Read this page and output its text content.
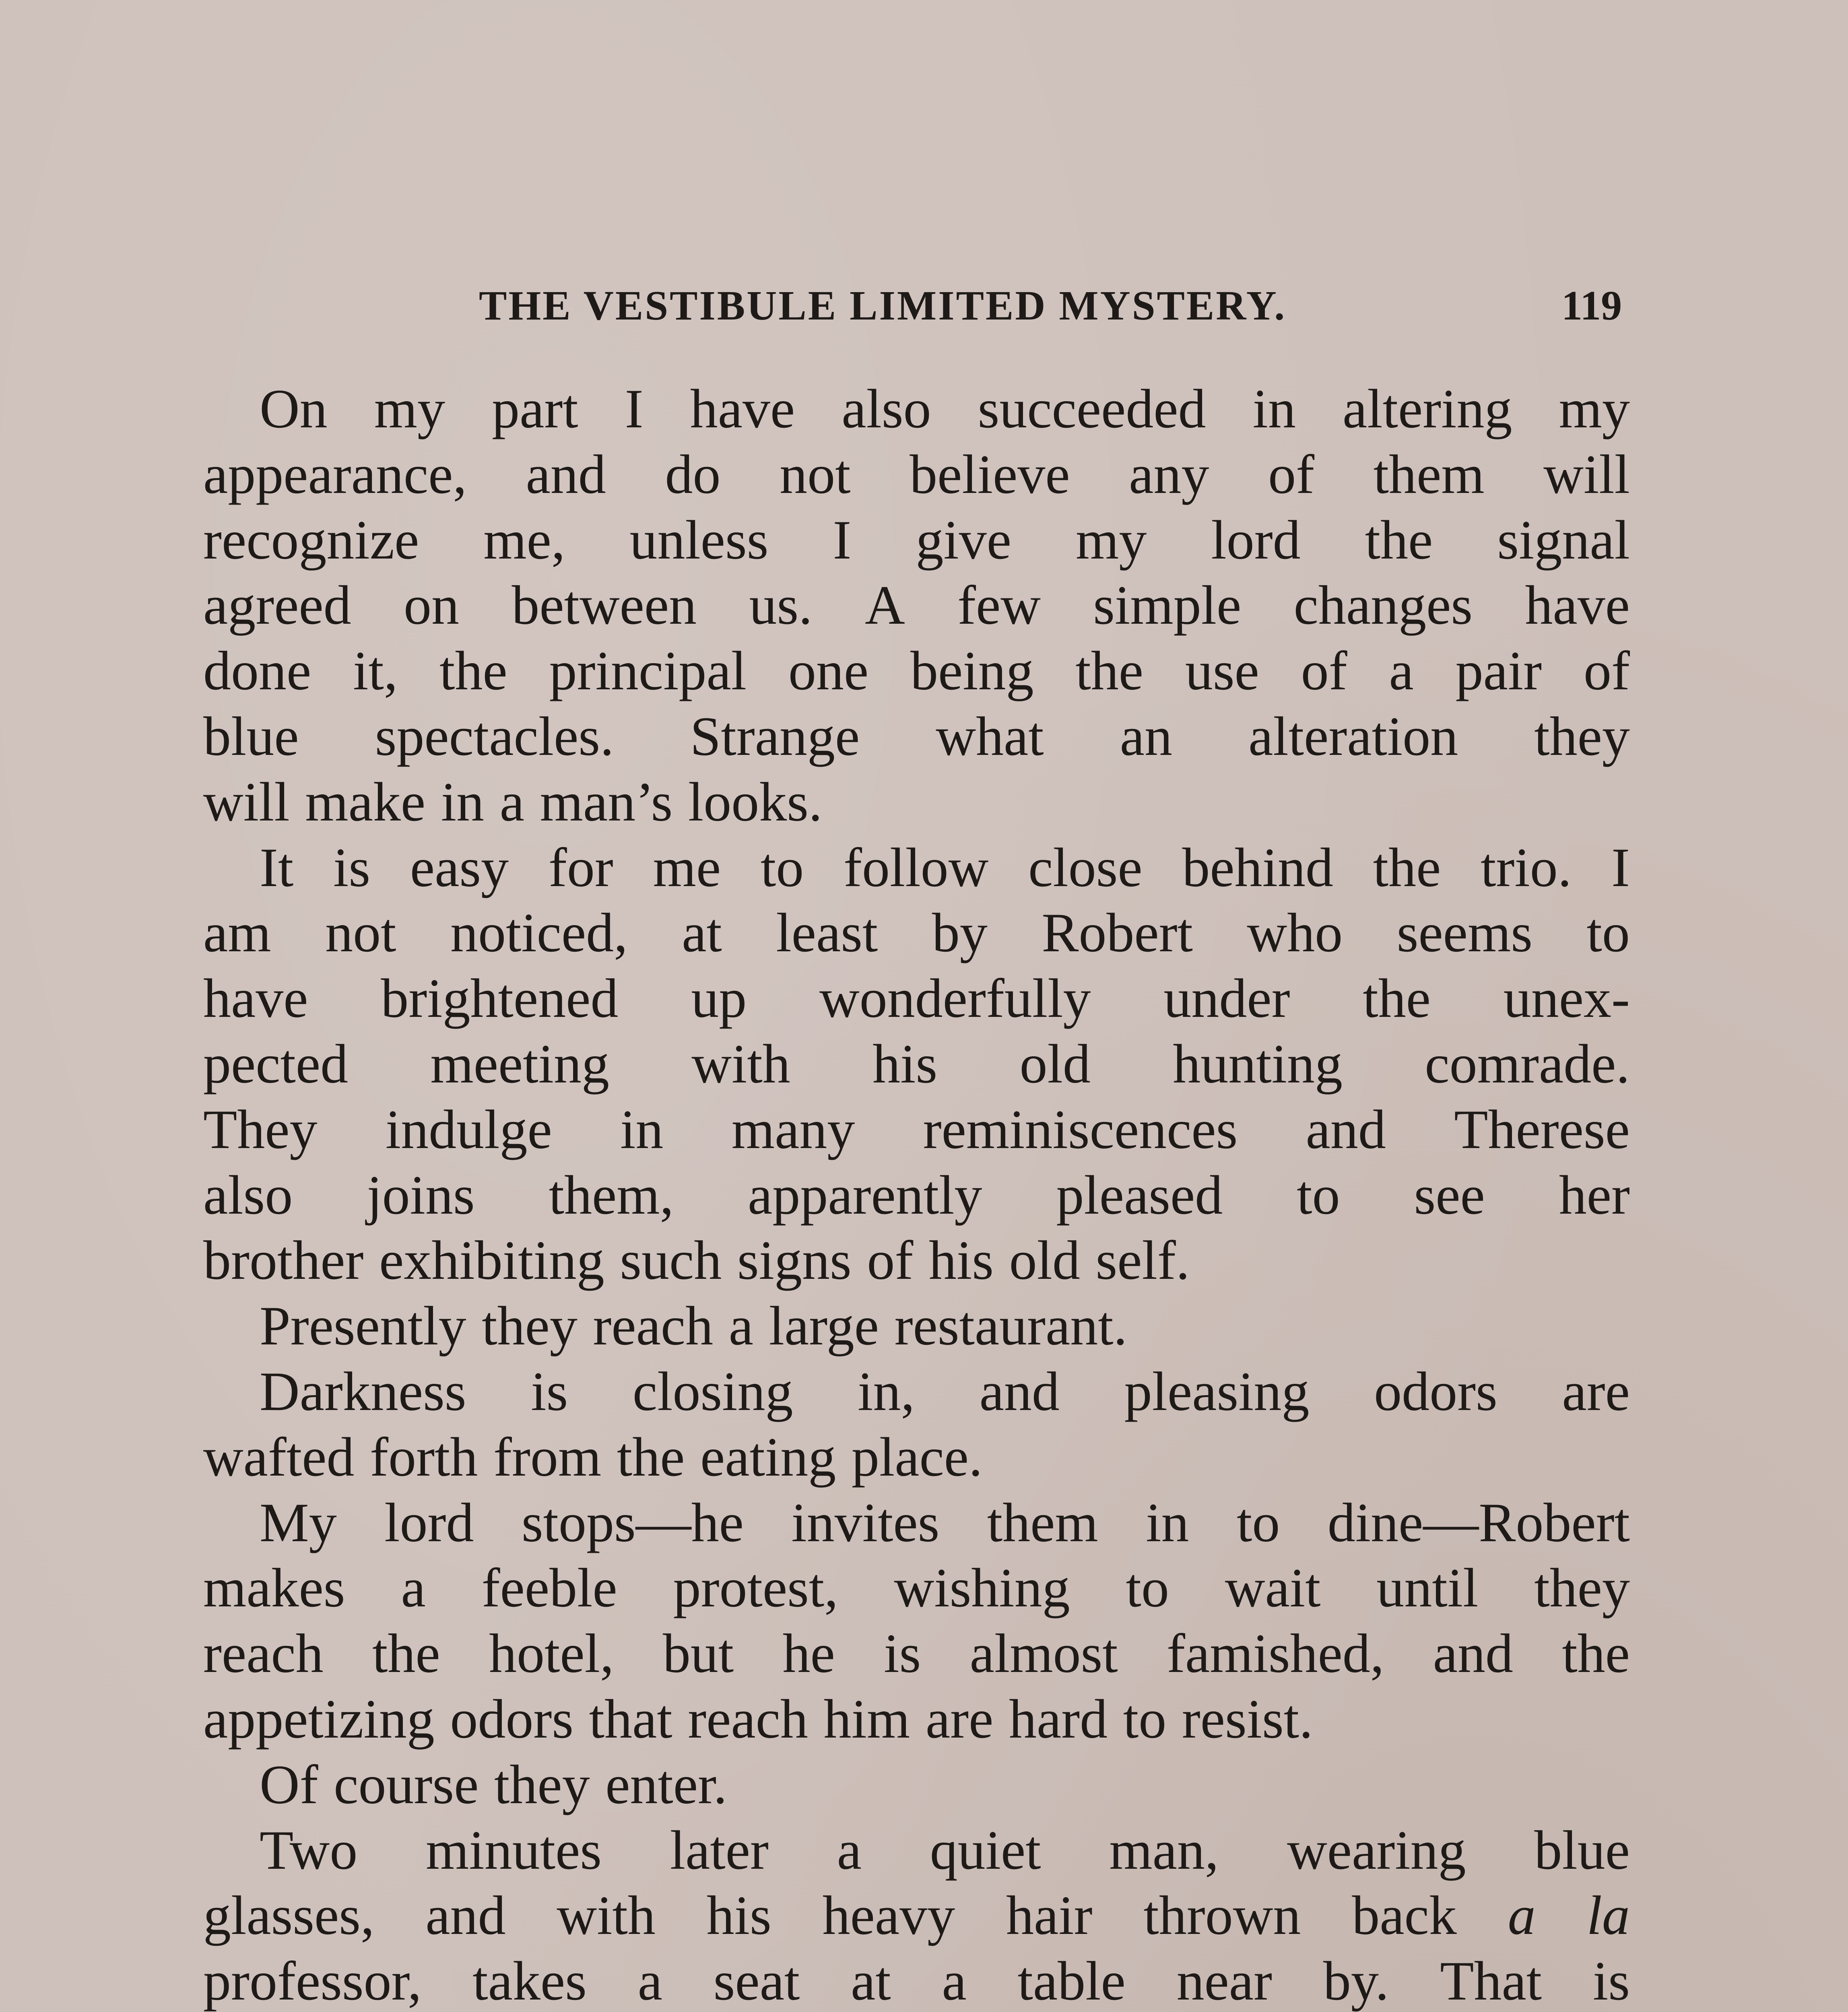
THE VESTIBULE LIMITED MYSTERY.	119
On my part I have also succeeded in altering my
appearance, and do not believe any of them will
recognize me, unless I give my lord the signal
agreed on between us. A few simple changes have
done it, the principal one being the use of a pair of
blue spectacles. Strange what an alteration they
will make in a man’s looks.
It is easy for me to follow close behind the trio. I
am not noticed, at least by Robert who seems to
have brightened up wonderfully under the unex-
pected meeting with his old hunting comrade.
They indulge in many reminiscences and Therese
also joins them, apparently pleased to see her
brother exhibiting such signs of his old self.
Presently they reach a large restaurant.
Darkness is closing in, and pleasing odors are
wafted forth from the eating place.
My lord stops—he invites them in to dine—Robert
makes a feeble protest, wishing to wait until they
reach the hotel, but he is almost famished, and the
appetizing odors that reach him are hard to resist.
Of course they enter.
Two minutes later a quiet man, wearing blue
glasses, and with his heavy hair thrown back a la
professor, takes a seat at a table near by. That is
